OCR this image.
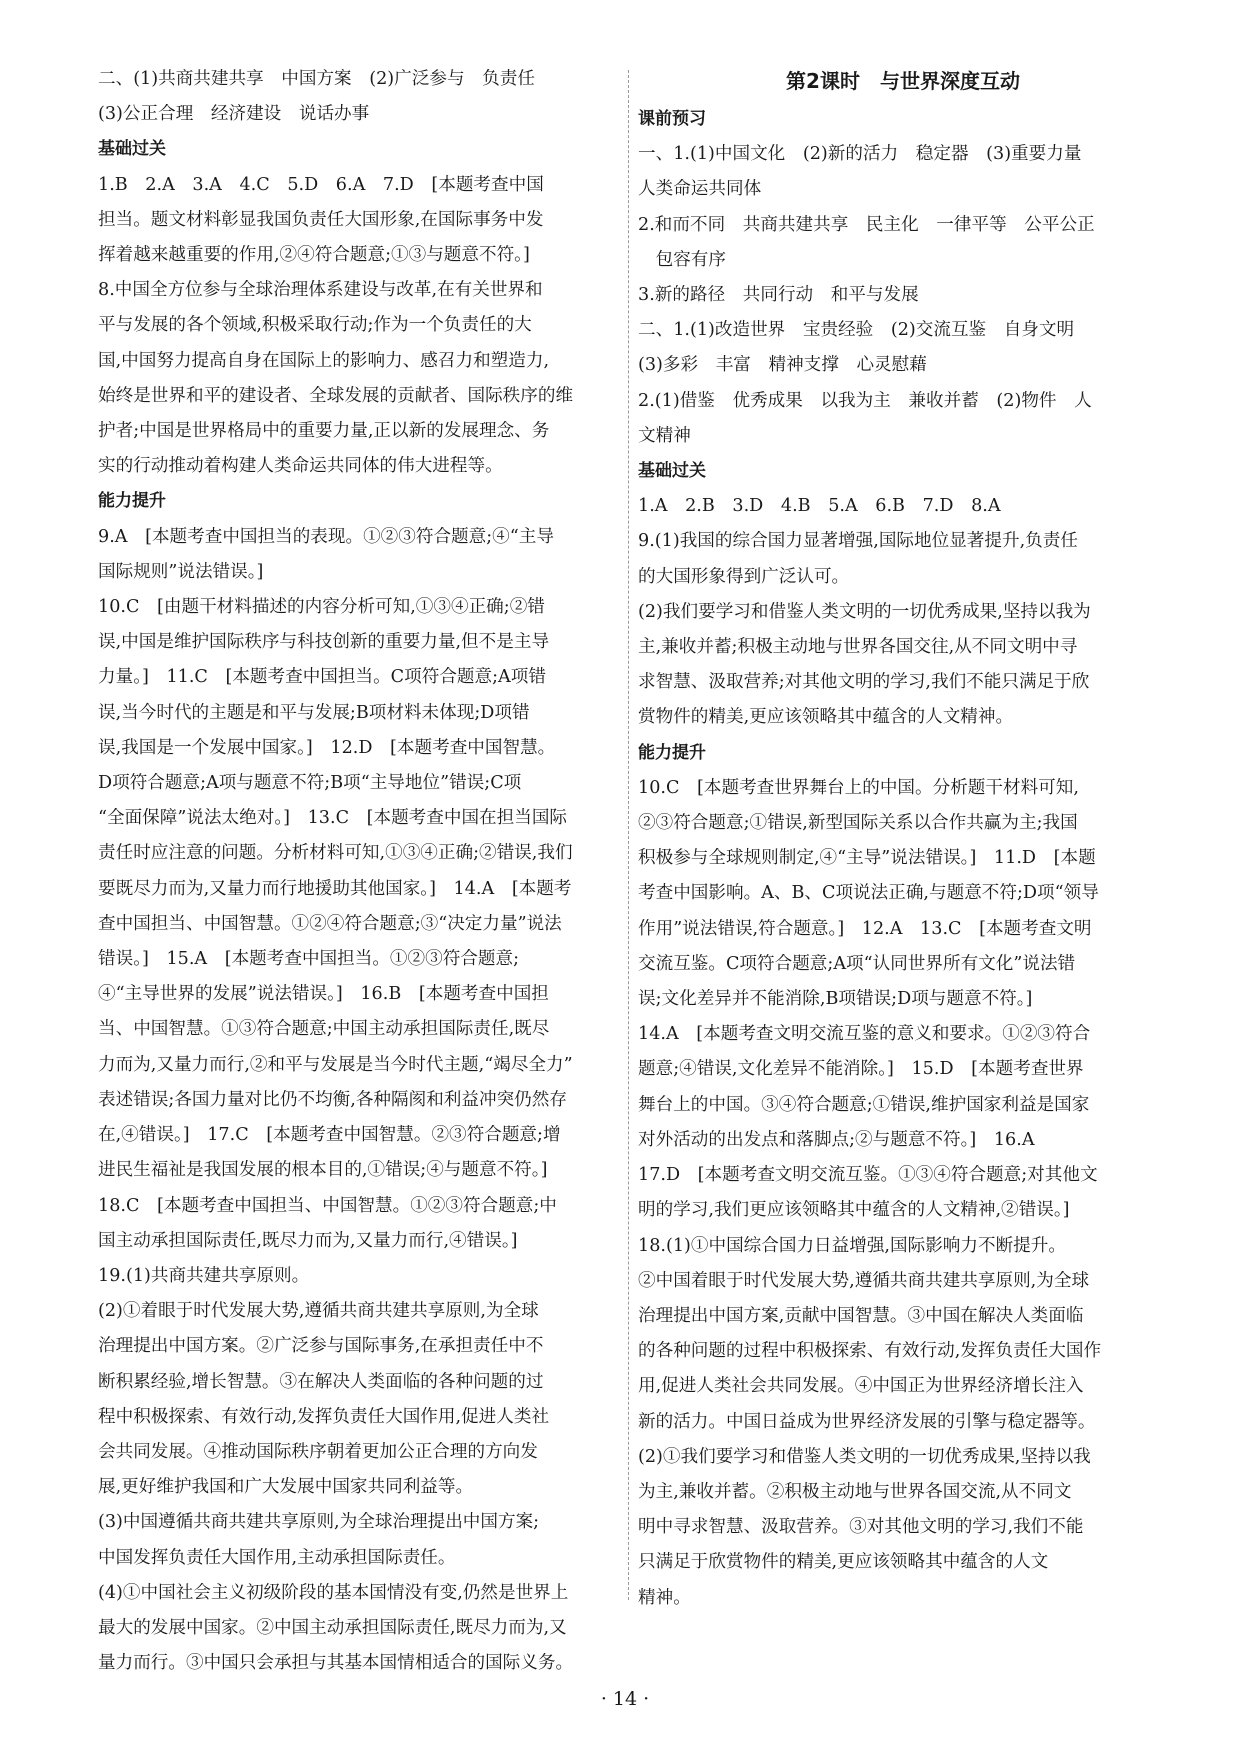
二、(1)共商共建共享　中国方案　(2)广泛参与　负责任

(3)公正合理　经济建设　说话办事

基础过关

1.B　2.A　3.A　4.C　5.D　6.A　7.D　[本题考查中国

担当。题文材料彰显我国负责任大国形象,在国际事务中发

挥着越来越重要的作用,②④符合题意;①③与题意不符。]

8.中国全方位参与全球治理体系建设与改革,在有关世界和

平与发展的各个领域,积极采取行动;作为一个负责任的大

国,中国努力提高自身在国际上的影响力、感召力和塑造力,

始终是世界和平的建设者、全球发展的贡献者、国际秩序的维

护者;中国是世界格局中的重要力量,正以新的发展理念、务

实的行动推动着构建人类命运共同体的伟大进程等。

能力提升

9.A　[本题考查中国担当的表现。①②③符合题意;④“主导

国际规则”说法错误。]

10.C　[由题干材料描述的内容分析可知,①③④正确;②错

误,中国是维护国际秩序与科技创新的重要力量,但不是主导

力量。]　11.C　[本题考查中国担当。C项符合题意;A项错

误,当今时代的主题是和平与发展;B项材料未体现;D项错

误,我国是一个发展中国家。]　12.D　[本题考查中国智慧。

D项符合题意;A项与题意不符;B项“主导地位”错误;C项

“全面保障”说法太绝对。]　13.C　[本题考查中国在担当国际

责任时应注意的问题。分析材料可知,①③④正确;②错误,我们

要既尽力而为,又量力而行地援助其他国家。]　14.A　[本题考

查中国担当、中国智慧。①②④符合题意;③“决定力量”说法

错误。]　15.A　[本题考查中国担当。①②③符合题意;

④“主导世界的发展”说法错误。]　16.B　[本题考查中国担

当、中国智慧。①③符合题意;中国主动承担国际责任,既尽

力而为,又量力而行,②和平与发展是当今时代主题,“竭尽全力”

表述错误;各国力量对比仍不均衡,各种隔阂和利益冲突仍然存

在,④错误。]　17.C　[本题考查中国智慧。②③符合题意;增

进民生福祉是我国发展的根本目的,①错误;④与题意不符。]

18.C　[本题考查中国担当、中国智慧。①②③符合题意;中

国主动承担国际责任,既尽力而为,又量力而行,④错误。]

19.(1)共商共建共享原则。

(2)①着眼于时代发展大势,遵循共商共建共享原则,为全球

治理提出中国方案。②广泛参与国际事务,在承担责任中不

断积累经验,增长智慧。③在解决人类面临的各种问题的过

程中积极探索、有效行动,发挥负责任大国作用,促进人类社

会共同发展。④推动国际秩序朝着更加公正合理的方向发

展,更好维护我国和广大发展中国家共同利益等。

(3)中国遵循共商共建共享原则,为全球治理提出中国方案;

中国发挥负责任大国作用,主动承担国际责任。

(4)①中国社会主义初级阶段的基本国情没有变,仍然是世界上

最大的发展中国家。②中国主动承担国际责任,既尽力而为,又

量力而行。③中国只会承担与其基本国情相适合的国际义务。

第2课时　与世界深度互动

课前预习

一、1.(1)中国文化　(2)新的活力　稳定器　(3)重要力量

人类命运共同体

2.和而不同　共商共建共享　民主化　一律平等　公平公正

　包容有序

3.新的路径　共同行动　和平与发展

二、1.(1)改造世界　宝贵经验　(2)交流互鉴　自身文明

(3)多彩　丰富　精神支撑　心灵慰藉

2.(1)借鉴　优秀成果　以我为主　兼收并蓄　(2)物件　人

文精神

基础过关

1.A　2.B　3.D　4.B　5.A　6.B　7.D　8.A

9.(1)我国的综合国力显著增强,国际地位显著提升,负责任

的大国形象得到广泛认可。

(2)我们要学习和借鉴人类文明的一切优秀成果,坚持以我为

主,兼收并蓄;积极主动地与世界各国交往,从不同文明中寻

求智慧、汲取营养;对其他文明的学习,我们不能只满足于欣

赏物件的精美,更应该领略其中蕴含的人文精神。

能力提升

10.C　[本题考查世界舞台上的中国。分析题干材料可知,

②③符合题意;①错误,新型国际关系以合作共赢为主;我国

积极参与全球规则制定,④“主导”说法错误。]　11.D　[本题

考查中国影响。A、B、C项说法正确,与题意不符;D项“领导

作用”说法错误,符合题意。]　12.A　13.C　[本题考查文明

交流互鉴。C项符合题意;A项“认同世界所有文化”说法错

误;文化差异并不能消除,B项错误;D项与题意不符。]

14.A　[本题考查文明交流互鉴的意义和要求。①②③符合

题意;④错误,文化差异不能消除。]　15.D　[本题考查世界

舞台上的中国。③④符合题意;①错误,维护国家利益是国家

对外活动的出发点和落脚点;②与题意不符。]　16.A

17.D　[本题考查文明交流互鉴。①③④符合题意;对其他文

明的学习,我们更应该领略其中蕴含的人文精神,②错误。]

18.(1)①中国综合国力日益增强,国际影响力不断提升。

②中国着眼于时代发展大势,遵循共商共建共享原则,为全球

治理提出中国方案,贡献中国智慧。③中国在解决人类面临

的各种问题的过程中积极探索、有效行动,发挥负责任大国作

用,促进人类社会共同发展。④中国正为世界经济增长注入

新的活力。中国日益成为世界经济发展的引擎与稳定器等。

(2)①我们要学习和借鉴人类文明的一切优秀成果,坚持以我

为主,兼收并蓄。②积极主动地与世界各国交流,从不同文

明中寻求智慧、汲取营养。③对其他文明的学习,我们不能

只满足于欣赏物件的精美,更应该领略其中蕴含的人文

精神。

· 14 ·
